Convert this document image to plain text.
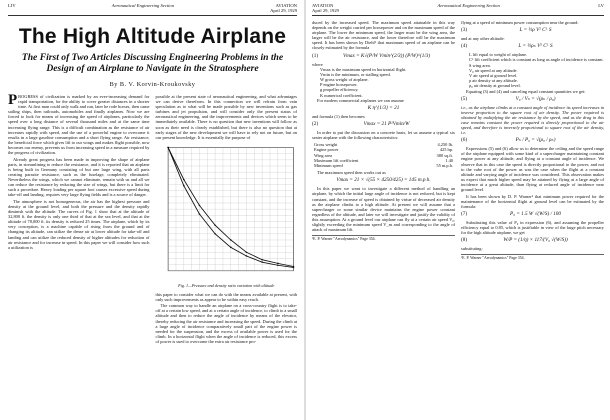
LIV	Aeronautical Engineering Section	AVIATION
April 29, 1929
The High Altitude Airplane
The First of Two Articles Discussing Engineering Problems in the Design of an Airplane to Navigate in the Stratosphere
By B. V. Korvin-Kroukovsky

PROGRESS of civilization is marked by an ever-increasing demand for rapid transportation, for the ability to cover greater distances in a shorter time. At first man could only walk and run, later he rode horses, then came sailing ships, then railroads, automobiles and finally airplanes. Now we are forced to look for means of increasing the speed of airplanes, particularly the speed over a long distance of several thousand miles and at the same time increasing flying range. This is a difficult combination as the resistance of air increases rapidly with speed, and the use of a powerful engine to overcome it results in a large gasoline consumption and a short flying range. Air resistance, the beneficial force which gives lift to our wings and makes flight possible, now becomes our enemy, prevents us from increasing speed in a measure required by the progress of civilization.

Already great progress has been made in improving the shape of airplane parts, in streamlining to reduce the resistance, and it is reported that an airplane is being built in Germany consisting of but one large wing, with all parts creating parasite resistance, such as the fuselage, completely eliminated. Nevertheless the wings, which we cannot eliminate, remain with us and all we can reduce the resistance by reducing the size of wings, but there is a limit for such a procedure. Heavy loading per square foot causes excessive speed during take-off and landing, requires very large flying fields and is a source of danger.

The atmosphere is not homogeneous, the air has the highest pressure and density at the ground level, and both the pressure and the density rapidly diminish with the altitude. The curves of Fig. 1 show that at the altitude of 32,800 ft. the density is only one third of that at the sea level, and that at the altitude of 78,000 ft. its density is reduced 25 times. The airplane, which by its very conception, is a machine capable of rising from the ground and of changing its altitude, can utilize the dense air at lower altitude for take-off and landing and can utilize the reduced density of higher altitudes for reduction of air resistance and for increase in speed. In this paper we will consider how such a utilization is

possible at the present state of aeronautical engineering, and what advantages we can derive therefrom. In this connection we will refrain from vain speculation as to what will be made possible by new inventions such as gas turbines and jet propulsion, and will consider only the present status of aeronautical engineering, and the improvements and devices which seem to be immediately available. There is no question that new inventions will follow as soon as their need is clearly established, but there is also no question that at early stages of the new development we will have to rely not on future, but on our present knowledge. It is essentially the purpose of

Fig. 1—Pressure and density ratio variation with altitude

this paper to consider what we can do with the means available at present, with only such improvements as appear to be within easy reach.

The common way to handle an airplane on a cross-country flight is to take-off at a certain low speed, and at a certain angle of incidence, to climb to a small altitude and then to reduce the angle of incidence by means of the elevator, thereby reducing the air resistance and increasing the speed. During the climb at a large angle of incidence comparatively small part of the engine power is needed for the suspension, and the excess of available power is used for the climb. In a horizontal flight when the angle of incidence is reduced, this excess of power is used to overcome the extra air resistance pro-

AVIATION
April 29, 1929
Aeronautical Engineering Section	LV

duced by the increased speed. The maximum speed attainable in this way depends on the weight carried per horsepower and on the maximum speed of the airplane. The lower the minimum speed, the larger must be the wing area, the larger will be the air resistance, and the lower therefore will be the maximum speed. It has been shown by Diehl¹ that maximum speed of an airplane can be closely estimated by the formula

(1)	Vmax = K√(P/W Vmin^(2/3)) (P/W)^(1/3)
where
Vmax is the maximum speed in horizontal flight.
Vmin is the minimum, or stalling speed.
W gross weight of airplane.
P engine horsepower.
g propeller efficiency.
K numerical coefficient.

For modern commercial airplanes we can assume

K η^{1/3} = 21

and formula (1) then becomes

(2)	Vmax = 21 P²Vmin/W

In order to put the discussion on a concrete basis, let us assume a typical six seater airplane with the following characteristics:

Gross weight	4,250 lb.
Engine power	425 hp.
Wing area	380 sq.ft.
Maximum lift coefficient	1.40
Minimum speed	55 m.p.h.

The maximum speed then works out as

Vmax = 21 × √(55 × 4250/425) = 145 m.p.h.

In this paper we want to investigate a different method of handling an airplane, by which the initial large angle of incidence is not reduced, but is kept constant, and the increase of speed is obtained by virtue of decreased air density as the airplane climbs to a high altitude. At present we will assume that a supercharger or some similar device maintains the engine power constant regardless of the altitude, and later we will investigate and justify the validity of this assumption. At a ground level our airplane can fly at a certain air speed V₀, slightly exceeding the minimum speed V_m and corresponding to the angle of attack of maximum lift.

²E. P. Warner "Aerodynamics" Page 354.

flying at a speed of minimum power consumption near the ground:

(3)	L = ½ρ V² Cᴸ S

and at any other altitude:

(4)	L = ½ρₕ V² Cᴸ S
L lift equal to weight of airplane.
Cᴸ lift coefficient which is constant as long as angle of incidence is constant.
S wing area.
V₀ air speed at any altitude.
V air speed at ground level.
ρ air density at any altitude.
ρ₀ air density at ground level.

Equating (3) and (4) and canceling equal constant quantities we get:

(5)	V₀ / Vₕ = √(ρₕ / ρ₀)

i.e., as the airplane climbs at a constant angle of incidence its speed increases in inverse proportion to the square root of air density. The power required is obtained by multiplying the air resistance by the speed, and as the drag in this case remains constant the power required is directly proportional to the air speed, and therefore is inversely proportional to square root of the air density, i.e.

(6)	Pₕ / P₀ = √(ρ₀ / ρₕ)

Expressions (5) and (6) allow us to determine the ceiling and the speed range of the airplane equipped with some kind of a supercharger maintaining constant engine power at any altitude, and flying at a constant angle of incidence. We observe that in this case the speed is directly proportional to the power, and not to the cube root of the power as was the case when the flight at a constant altitude and varying angle of incidence was considered. This observation makes us expect that much higher speed may be attained by flying at a large angle of incidence at a great altitude, than flying at reduced angle of incidence near ground level.

It has been shown by D. P. Warner² that minimum power required for the maintenance of the horizontal flight at ground level can be estimated by the formula:

(7)	P₀ = 1.5 W √(W/S) / 100

Substituting this value of P₀ in expression (6), and assuming the propeller efficiency equal to 0.85, which is justifiable in view of the large pitch necessary for the high altitude airplane, we get

(8)	W/P = (1/η) × 117/(V₀ √(W/S))

substituting:

²E. P. Warner "Aerodynamics" Page 354.
